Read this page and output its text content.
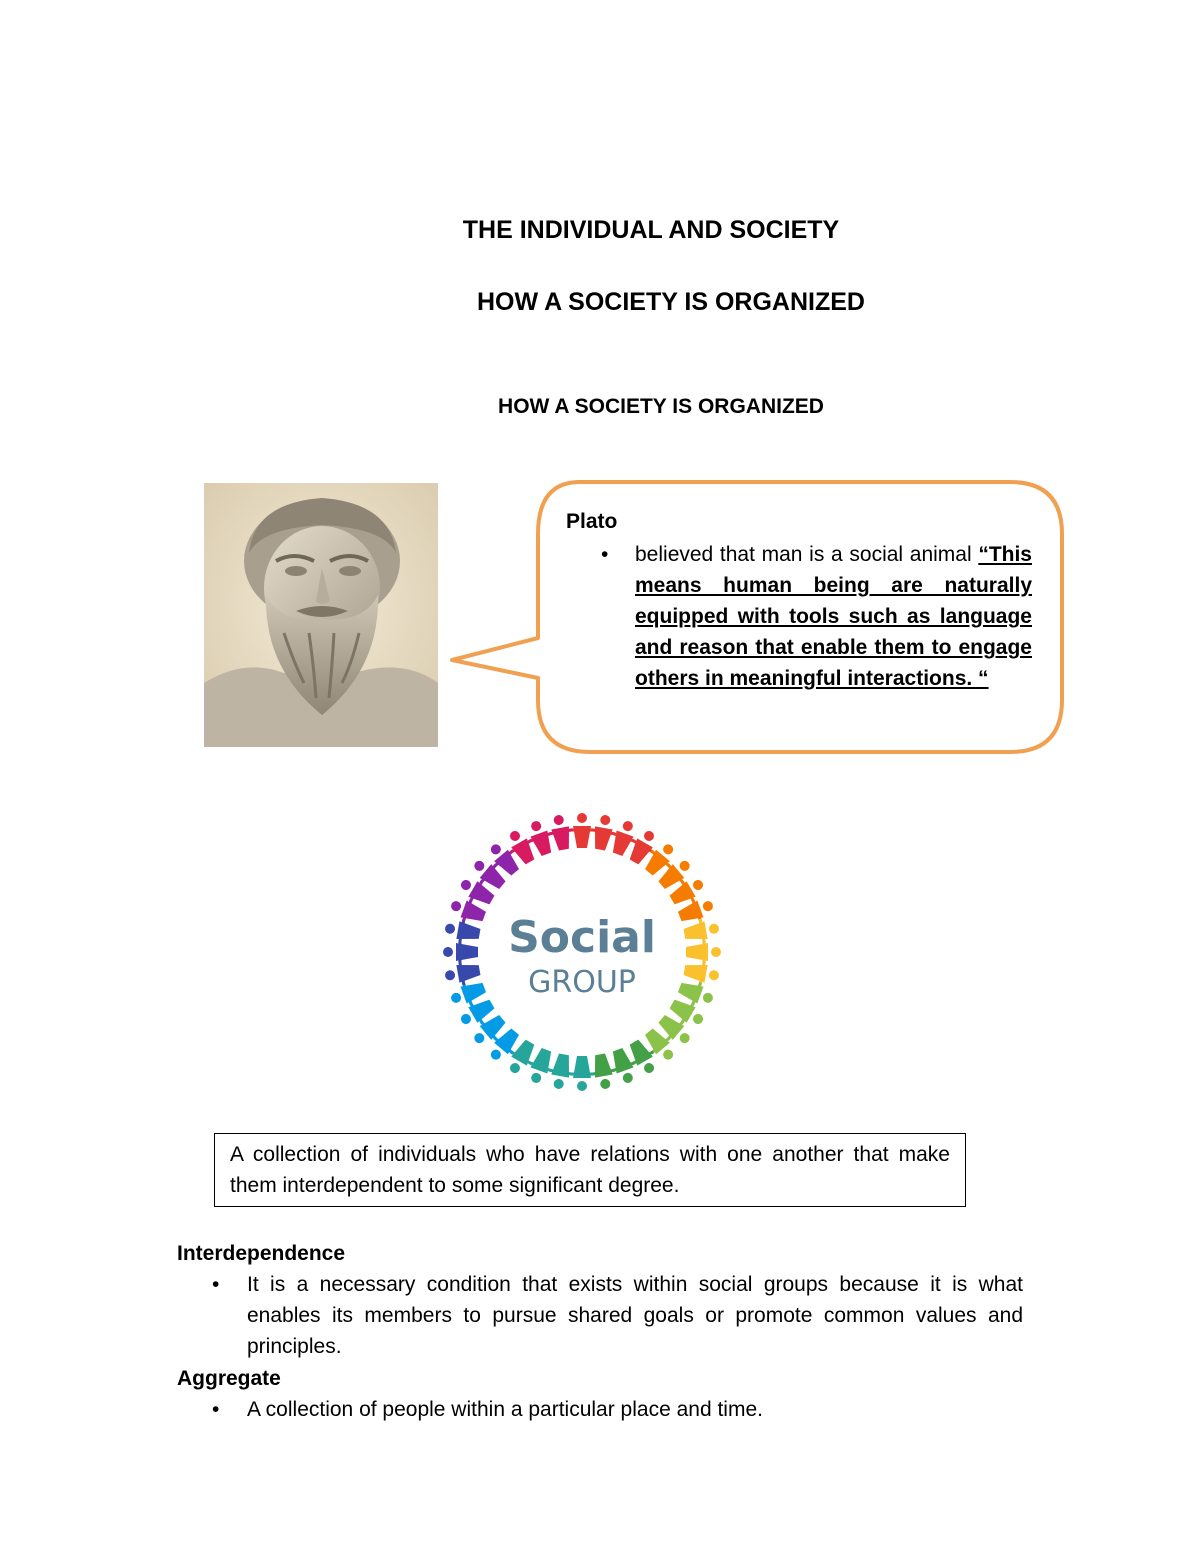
THE INDIVIDUAL AND SOCIETY
HOW A SOCIETY IS ORGANIZED
HOW A SOCIETY IS ORGANIZED

Plato

• believed that man is a social animal “This means human being are naturally equipped with tools such as language and reason that enable them to engage others in meaningful interactions. “
Social
GROUP
A collection of individuals who have relations with one another that make them interdependent to some significant degree.

Interdependence

• It is a necessary condition that exists within social groups because it is what enables its members to pursue shared goals or promote common values and principles.

Aggregate

• A collection of people within a particular place and time.
